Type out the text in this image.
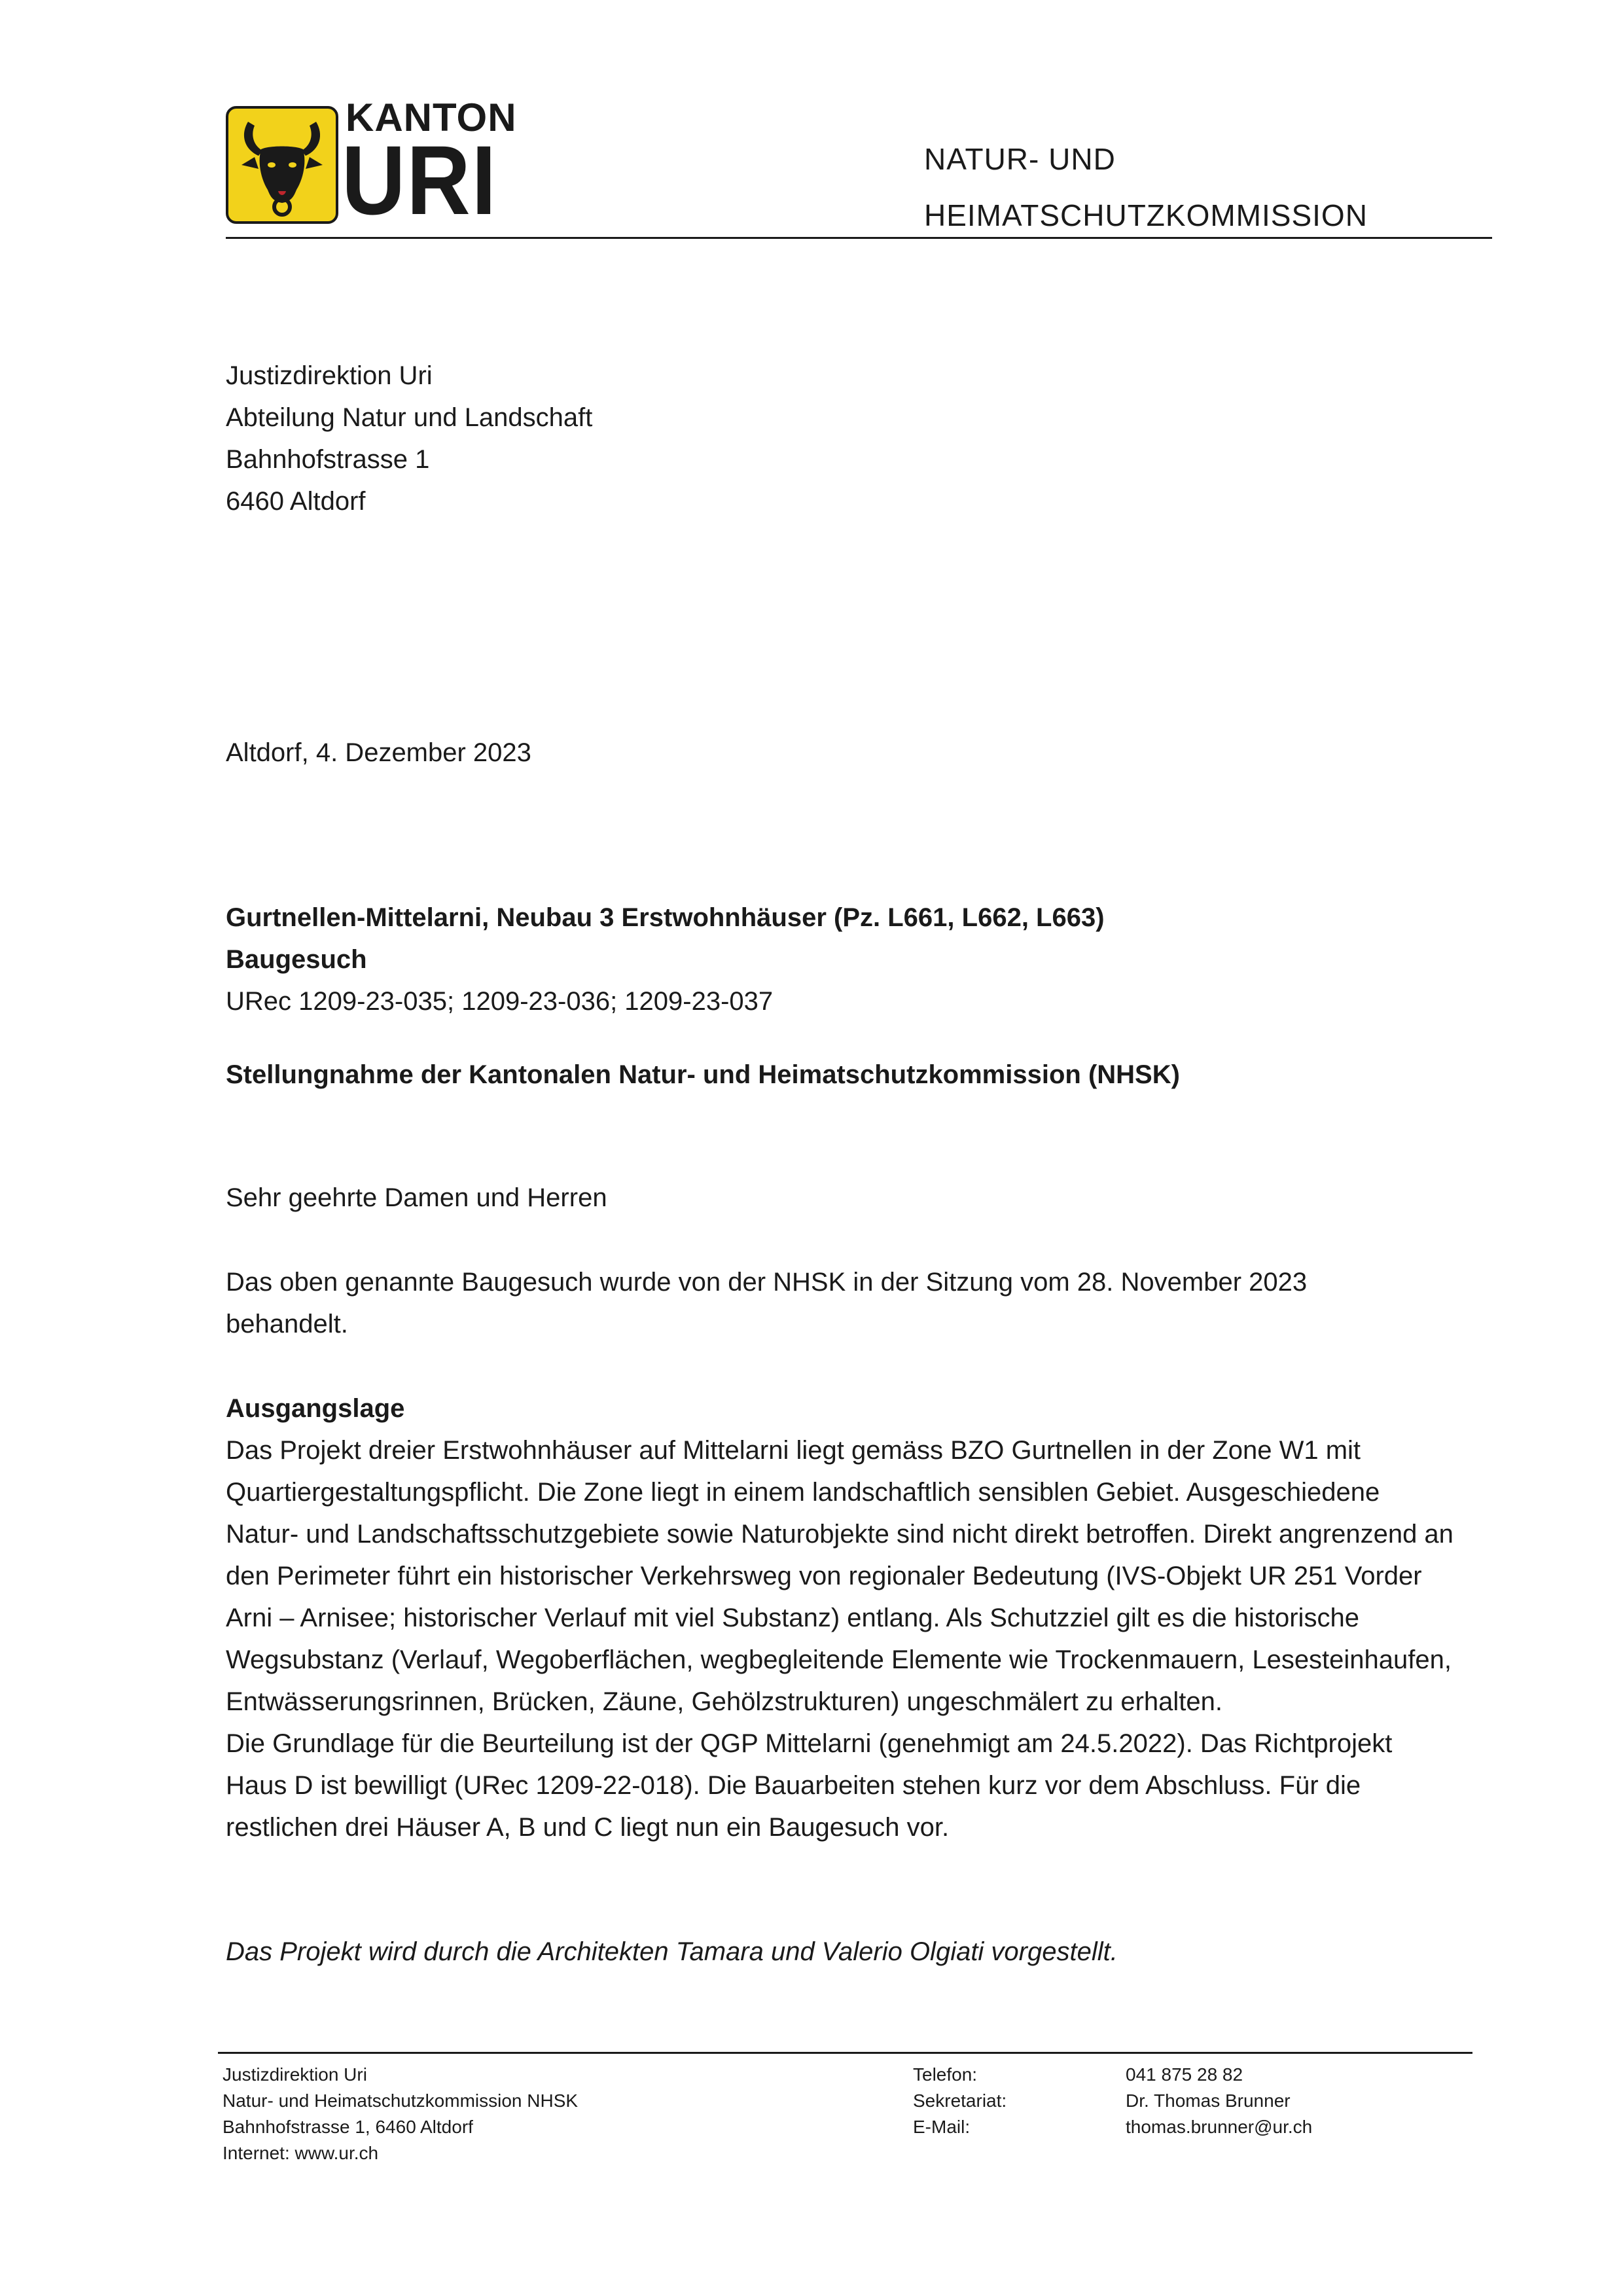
KANTON
URI	NATUR- UND
HEIMATSCHUTZKOMMISSION
Justizdirektion Uri
Abteilung Natur und Landschaft
Bahnhofstrasse 1
6460 Altdorf
Altdorf, 4. Dezember 2023
Gurtnellen-Mittelarni, Neubau 3 Erstwohnhäuser (Pz. L661, L662, L663)
Baugesuch
URec 1209-23-035; 1209-23-036; 1209-23-037
Stellungnahme der Kantonalen Natur- und Heimatschutzkommission (NHSK)
Sehr geehrte Damen und Herren

Das oben genannte Baugesuch wurde von der NHSK in der Sitzung vom 28. November 2023 behandelt.

Ausgangslage

Das Projekt dreier Erstwohnhäuser auf Mittelarni liegt gemäss BZO Gurtnellen in der Zone W1 mit Quartiergestaltungspflicht. Die Zone liegt in einem landschaftlich sensiblen Gebiet. Ausgeschiedene Natur- und Landschaftsschutzgebiete sowie Naturobjekte sind nicht direkt betroffen. Direkt angrenzend an den Perimeter führt ein historischer Verkehrsweg von regionaler Bedeutung (IVS-Objekt UR 251 Vorder Arni – Arnisee; historischer Verlauf mit viel Substanz) entlang. Als Schutzziel gilt es die historische Wegsubstanz (Verlauf, Wegoberflächen, wegbegleitende Elemente wie Trockenmauern, Lesesteinhaufen, Entwässerungsrinnen, Brücken, Zäune, Gehölzstrukturen) ungeschmälert zu erhalten.

Die Grundlage für die Beurteilung ist der QGP Mittelarni (genehmigt am 24.5.2022). Das Richtprojekt Haus D ist bewilligt (URec 1209-22-018). Die Bauarbeiten stehen kurz vor dem Abschluss. Für die restlichen drei Häuser A, B und C liegt nun ein Baugesuch vor.

Das Projekt wird durch die Architekten Tamara und Valerio Olgiati vorgestellt.
Justizdirektion Uri
Natur- und Heimatschutzkommission NHSK
Bahnhofstrasse 1, 6460 Altdorf
Internet: www.ur.ch
Telefon:
Sekretariat:
E-Mail:
041 875 28 82
Dr. Thomas Brunner
thomas.brunner@ur.ch
